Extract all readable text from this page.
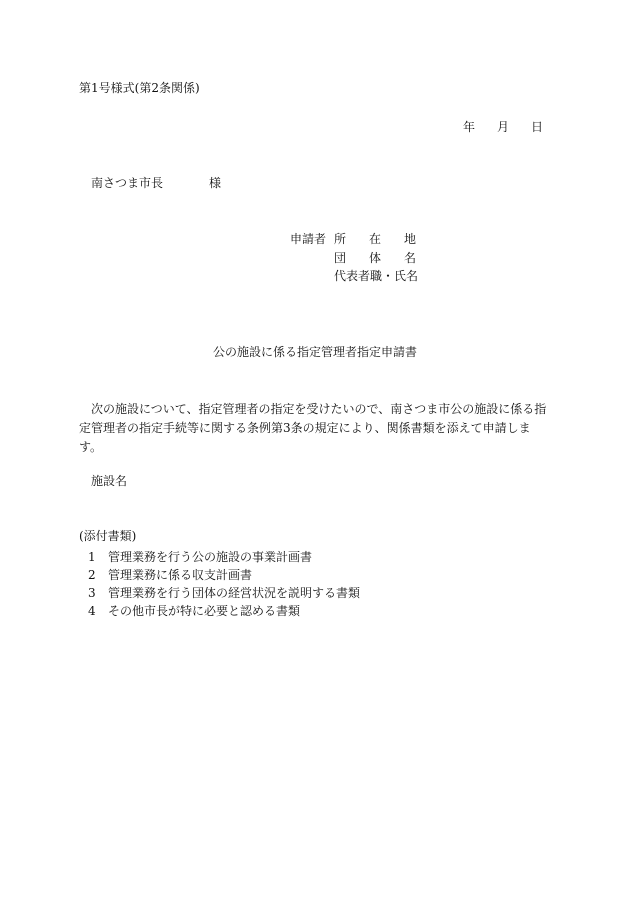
第1号様式(第2条関係)
年 月 日
南さつま市長	様
申請者 所 在 地
団 体 名
代表者職・氏名
公の施設に係る指定管理者指定申請書
次の施設について、指定管理者の指定を受けたいので、南さつま市公の施設に係る指定管理者の指定手続等に関する条例第3条の規定により、関係書類を添えて申請します。
施設名
(添付書類)
1 管理業務を行う公の施設の事業計画書
2 管理業務に係る収支計画書
3 管理業務を行う団体の経営状況を説明する書類
4 その他市長が特に必要と認める書類
